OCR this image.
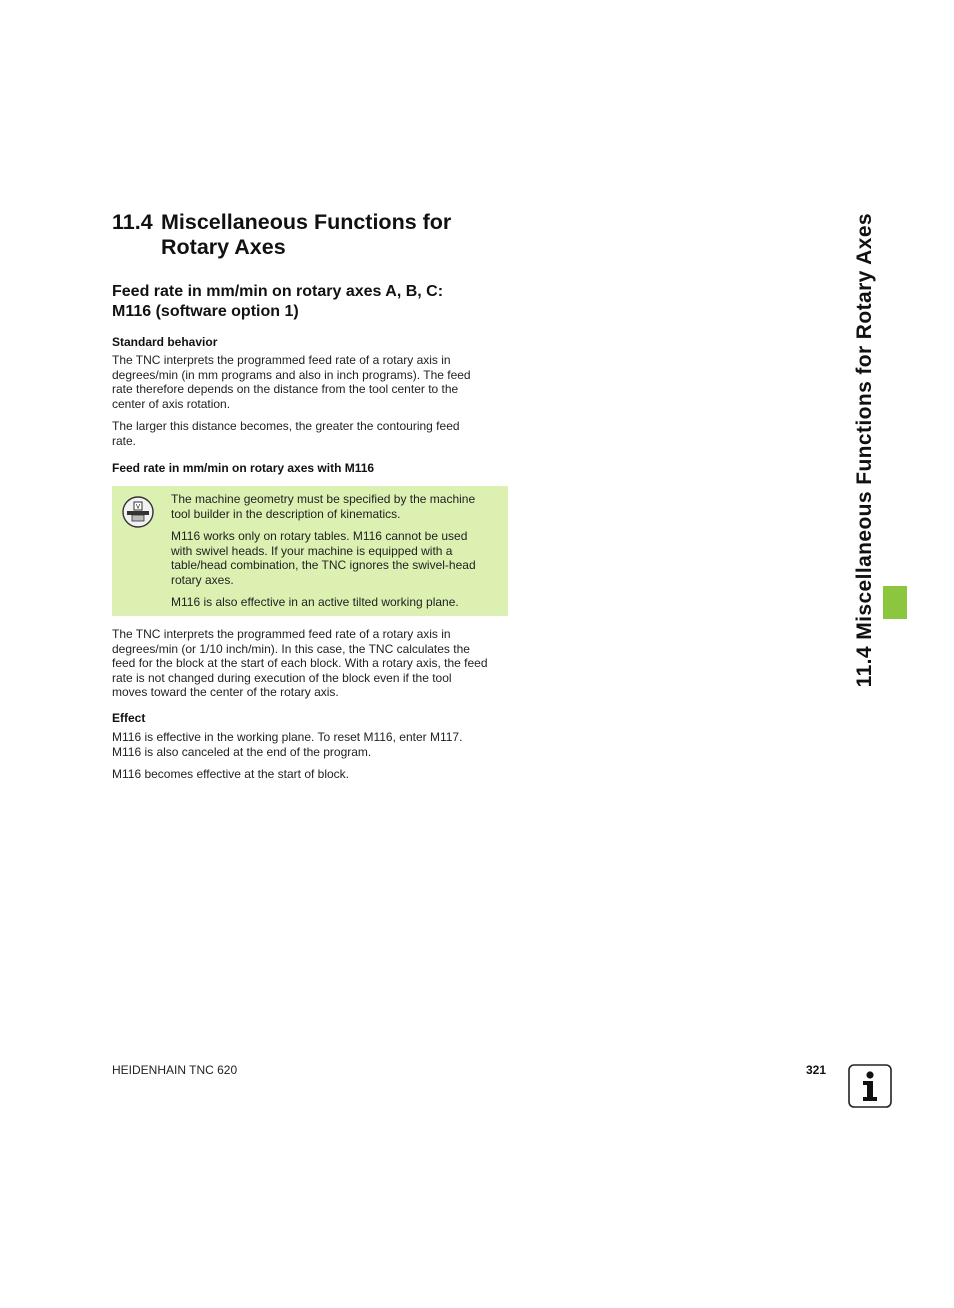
11.4 Miscellaneous Functions for
Rotary Axes
Feed rate in mm/min on rotary axes A, B, C:
M116 (software option 1)
Standard behavior
The TNC interprets the programmed feed rate of a rotary axis in
degrees/min (in mm programs and also in inch programs). The feed
rate therefore depends on the distance from the tool center to the
center of axis rotation.
The larger this distance becomes, the greater the contouring feed
rate.
Feed rate in mm/min on rotary axes with M116
V
The machine geometry must be specified by the machine
tool builder in the description of kinematics.
M116 works only on rotary tables. M116 cannot be used
with swivel heads. If your machine is equipped with a
table/head combination, the TNC ignores the swivel-head
rotary axes.
M116 is also effective in an active tilted working plane.
The TNC interprets the programmed feed rate of a rotary axis in
degrees/min (or 1/10 inch/min). In this case, the TNC calculates the
feed for the block at the start of each block. With a rotary axis, the feed
rate is not changed during execution of the block even if the tool
moves toward the center of the rotary axis.
Effect
M116 is effective in the working plane. To reset M116, enter M117.
M116 is also canceled at the end of the program.
M116 becomes effective at the start of block.
11.4 Miscellaneous Functions for Rotary Axes
HEIDENHAIN TNC 620	321
